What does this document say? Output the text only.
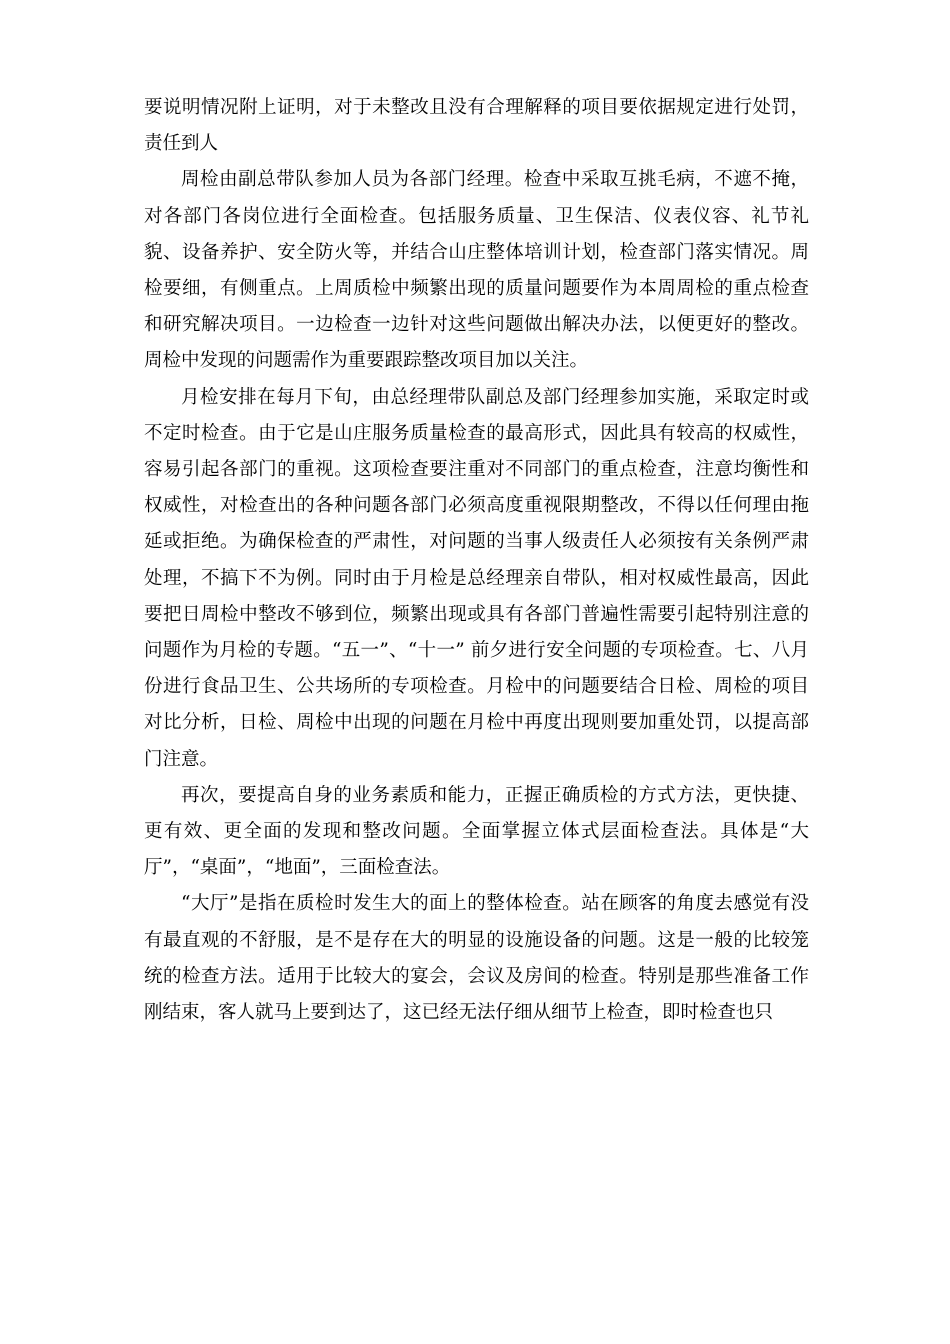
要说明情况附上证明，对于未整改且没有合理解释的项目要依据规定进行处罚，责任到人

周检由副总带队参加人员为各部门经理。检查中采取互挑毛病，不遮不掩，对各部门各岗位进行全面检查。包括服务质量、卫生保洁、仪表仪容、礼节礼貌、设备养护、安全防火等，并结合山庄整体培训计划，检查部门落实情况。周检要细，有侧重点。上周质检中频繁出现的质量问题要作为本周周检的重点检查和研究解决项目。一边检查一边针对这些问题做出解决办法，以便更好的整改。周检中发现的问题需作为重要跟踪整改项目加以关注。

月检安排在每月下旬，由总经理带队副总及部门经理参加实施，采取定时或不定时检查。由于它是山庄服务质量检查的最高形式，因此具有较高的权威性，容易引起各部门的重视。这项检查要注重对不同部门的重点检查，注意均衡性和权威性，对检查出的各种问题各部门必须高度重视限期整改，不得以任何理由拖延或拒绝。为确保检查的严肃性，对问题的当事人级责任人必须按有关条例严肃处理，不搞下不为例。同时由于月检是总经理亲自带队，相对权威性最高，因此要把日周检中整改不够到位，频繁出现或具有各部门普遍性需要引起特别注意的问题作为月检的专题。“五一”、“十一” 前夕进行安全问题的专项检查。七、八月份进行食品卫生、公共场所的专项检查。月检中的问题要结合日检、周检的项目对比分析，日检、周检中出现的问题在月检中再度出现则要加重处罚，以提高部门注意。

再次，要提高自身的业务素质和能力，正握正确质检的方式方法，更快捷、更有效、更全面的发现和整改问题。全面掌握立体式层面检查法。具体是“大厅”，“桌面”，“地面”，三面检查法。

“大厅”是指在质检时发生大的面上的整体检查。站在顾客的角度去感觉有没有最直观的不舒服，是不是存在大的明显的设施设备的问题。这是一般的比较笼统的检查方法。适用于比较大的宴会，会议及房间的检查。特别是那些准备工作刚结束，客人就马上要到达了，这已经无法仔细从细节上检查，即时检查也只
